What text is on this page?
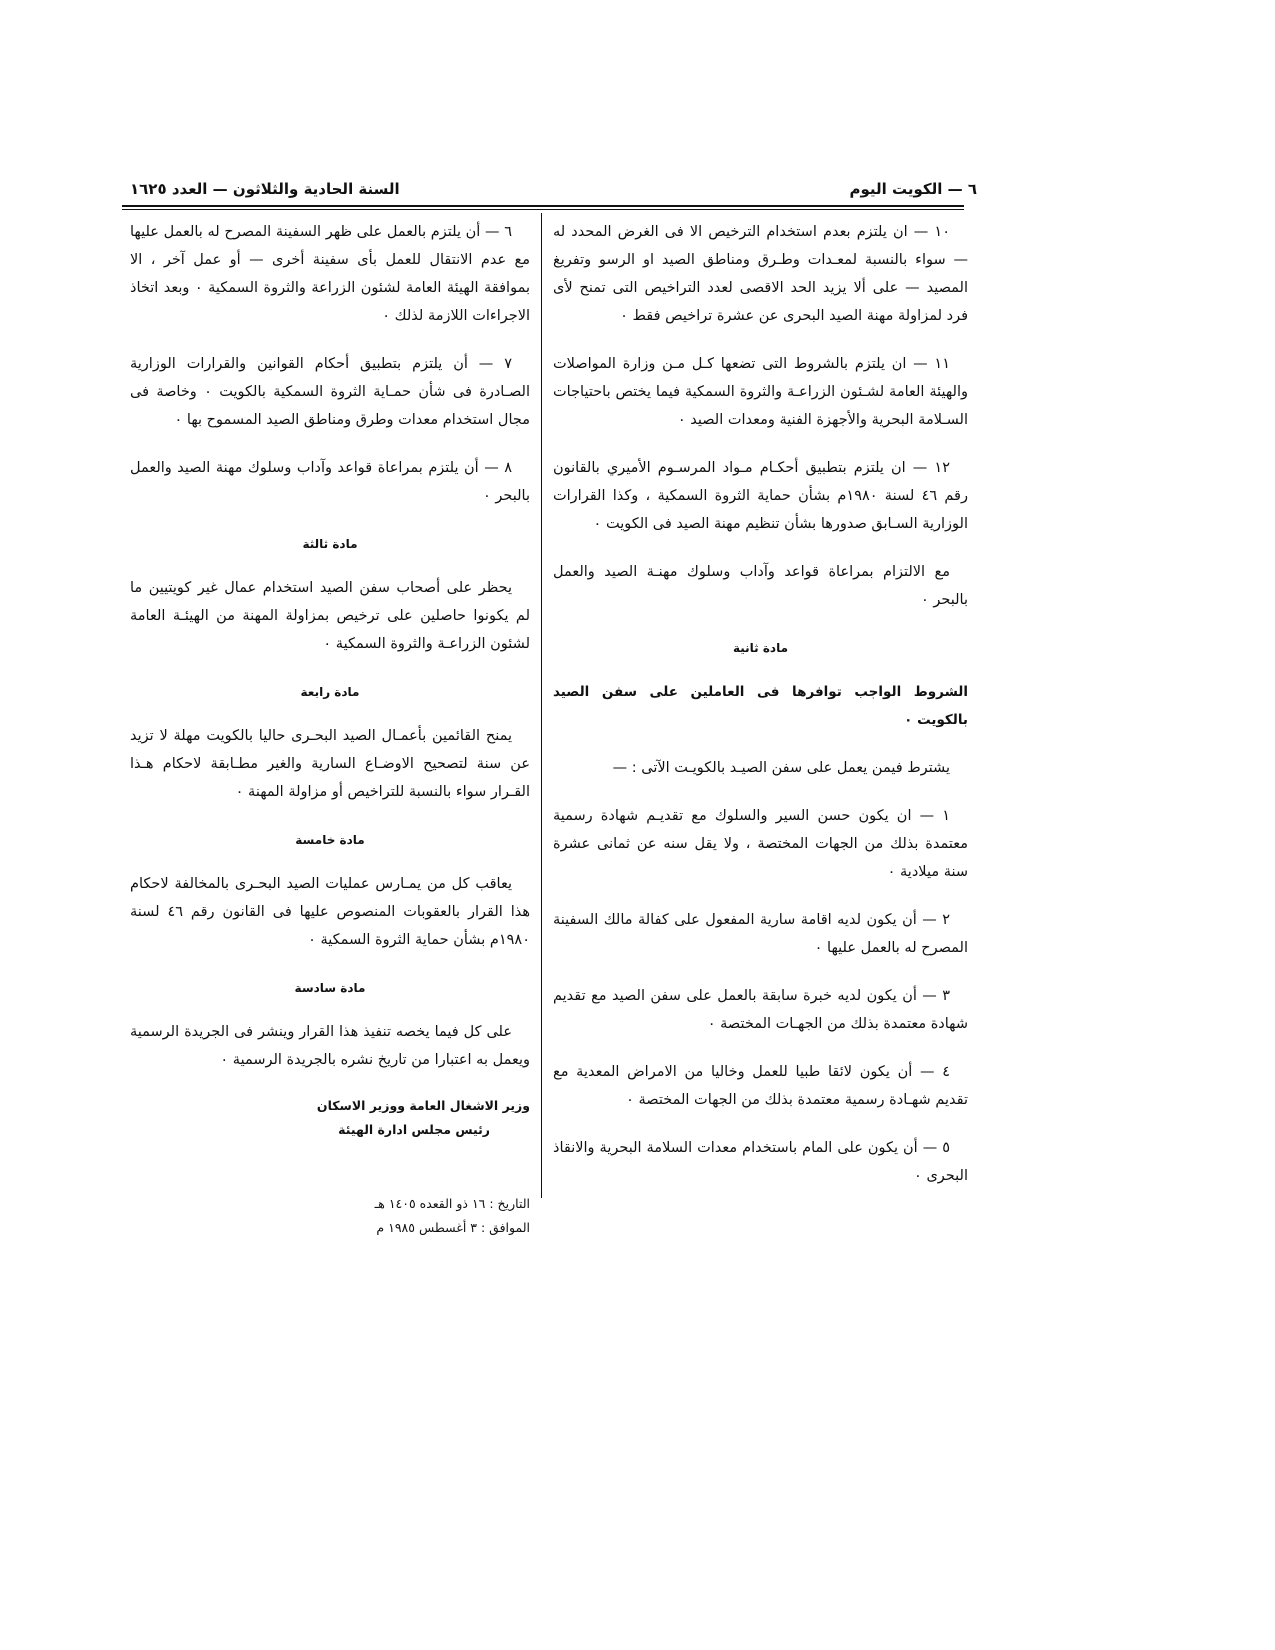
٦ — الكويت اليوم
السنة الحادية والثلاثون — العدد ١٦٢٥

١٠ — ان يلتزم بعدم استخدام الترخيص الا فى الغرض المحدد له — سواء بالنسبة لمعـدات وطـرق ومناطق الصيد او الرسو وتفريغ المصيد — على ألا يزيد الحد الاقصى لعدد التراخيص التى تمنح لأى فرد لمزاولة مهنة الصيد البحرى عن عشرة تراخيص فقط ٠

١١ — ان يلتزم بالشروط التى تضعها كـل مـن وزارة المواصلات والهيئة العامة لشـئون الزراعـة والثروة السمكية فيما يختص باحتياجات السـلامة البحرية والأجهزة الفنية ومعدات الصيد ٠

١٢ — ان يلتزم بتطبيق أحكـام مـواد المرسـوم الأميري بالقانون رقم ٤٦ لسنة ١٩٨٠م بشأن حماية الثروة السمكية ، وكذا القرارات الوزارية السـابق صدورها بشأن تنظيم مهنة الصيد فى الكويت ٠

مع الالتزام بمراعاة قواعد وآداب وسلوك مهنـة الصيد والعمل بالبحر ٠

مادة ثانية

الشروط الواجب توافرها فى العاملين على سفن الصيد بالكويت ٠

يشترط فيمن يعمل على سفن الصيـد بالكويـت الآتى : —

١ — ان يكون حسن السير والسلوك مع تقديـم شهادة رسمية معتمدة بذلك من الجهات المختصة ، ولا يقل سنه عن ثمانى عشرة سنة ميلادية ٠

٢ — أن يكون لديه اقامة سارية المفعول على كفالة مالك السفينة المصرح له بالعمل عليها ٠

٣ — أن يكون لديه خبرة سابقة بالعمل على سفن الصيد مع تقديم شهادة معتمدة بذلك من الجهـات المختصة ٠

٤ — أن يكون لائقا طبيا للعمل وخاليا من الامراض المعدية مع تقديم شهـادة رسمية معتمدة بذلك من الجهات المختصة ٠

٥ — أن يكون على المام باستخدام معدات السلامة البحرية والانقاذ البحرى ٠

٦ — أن يلتزم بالعمل على ظهر السفينة المصرح له بالعمل عليها مع عدم الانتقال للعمل بأى سفينة أخرى — أو عمل آخر ، الا بموافقة الهيئة العامة لشئون الزراعة والثروة السمكية ٠ وبعد اتخاذ الاجراءات اللازمة لذلك ٠

٧ — أن يلتزم بتطبيق أحكام القوانين والقرارات الوزارية الصـادرة فى شأن حمـاية الثروة السمكية بالكويت ٠ وخاصة فى مجال استخدام معدات وطرق ومناطق الصيد المسموح بها ٠

٨ — أن يلتزم بمراعاة قواعد وآداب وسلوك مهنة الصيد والعمل بالبحر ٠

مادة ثالثة

يحظر على أصحاب سفن الصيد استخدام عمال غير كويتيين ما لم يكونوا حاصلين على ترخيص بمزاولة المهنة من الهيئـة العامة لشئون الزراعـة والثروة السمكية ٠

مادة رابعة

يمنح القائمين بأعمـال الصيد البحـرى حاليا بالكويت مهلة لا تزيد عن سنة لتصحيح الاوضـاع السارية والغير مطـابقة لاحكام هـذا القـرار سواء بالنسبة للتراخيص أو مزاولة المهنة ٠

مادة خامسة

يعاقب كل من يمـارس عمليات الصيد البحـرى بالمخالفة لاحكام هذا القرار بالعقوبات المنصوص عليها فى القانون رقم ٤٦ لسنة ١٩٨٠م بشأن حماية الثروة السمكية ٠

مادة سادسة

على كل فيما يخصه تنفيذ هذا القرار وينشر فى الجريدة الرسمية ويعمل به اعتبارا من تاريخ نشره بالجريدة الرسمية ٠

وزير الاشغال العامة ووزير الاسكان
رئيس مجلس ادارة الهيئة
التاريخ : ١٦ ذو القعده ١٤٠٥ هـ
الموافق : ٣ أغسطس ١٩٨٥ م
